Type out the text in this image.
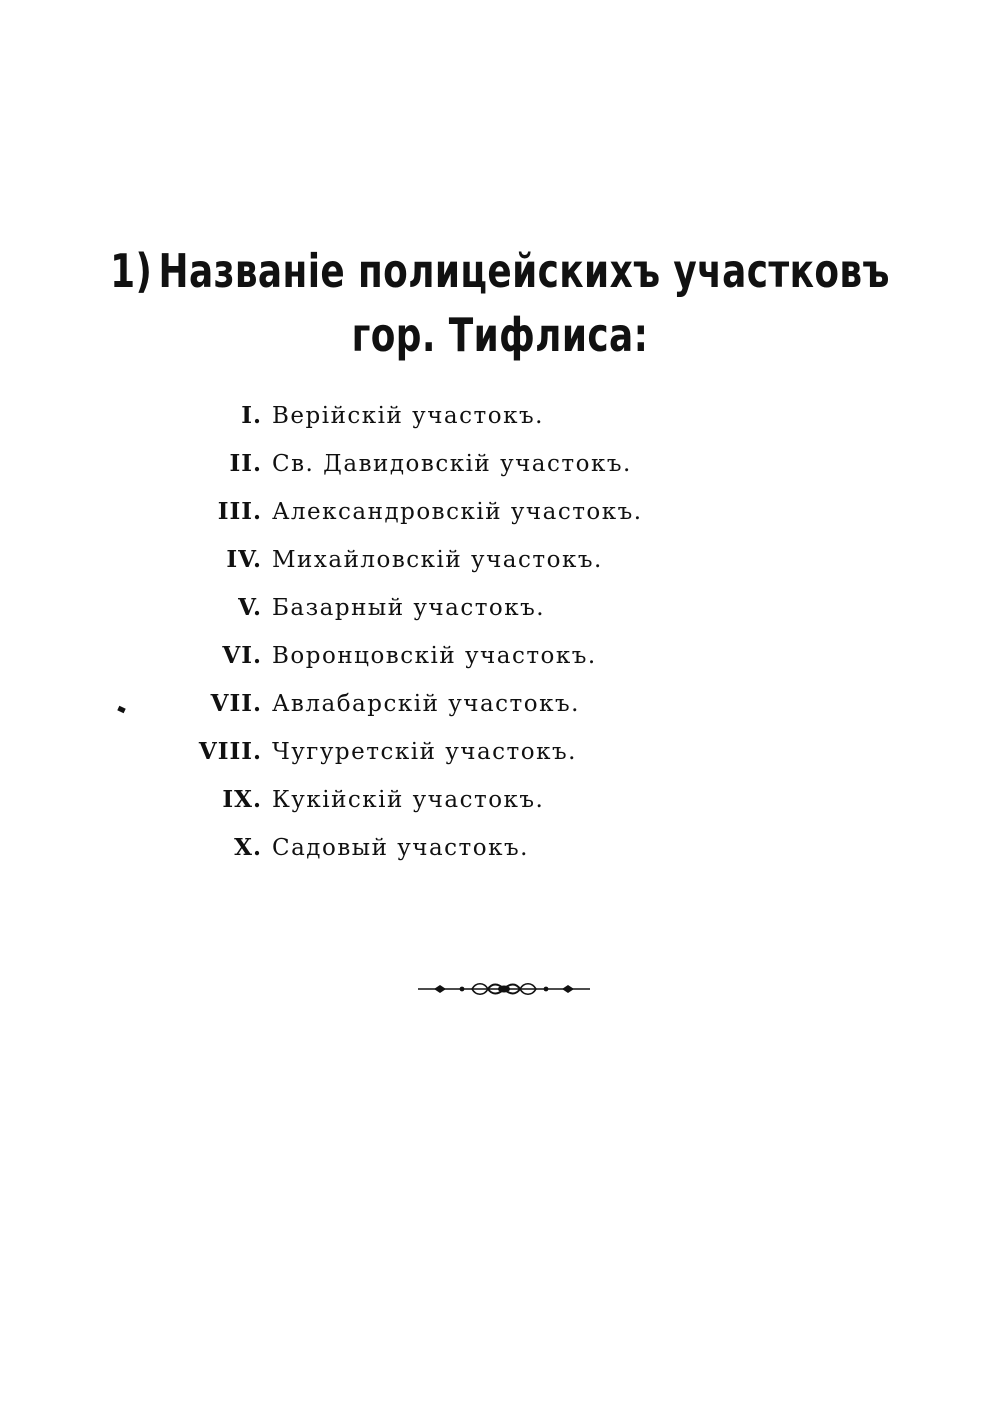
1) Названіе полицейскихъ участковъ
гор. Тифлиса:
I. Верійскій участокъ.
II. Св. Давидовскій участокъ.
III. Александровскій участокъ.
IV. Михайловскій участокъ.
V. Базарный участокъ.
VI. Воронцовскій участокъ.
VII. Авлабарскій участокъ.
VIII. Чугуретскій участокъ.
IX. Кукійскій участокъ.
X. Садовый участокъ.
